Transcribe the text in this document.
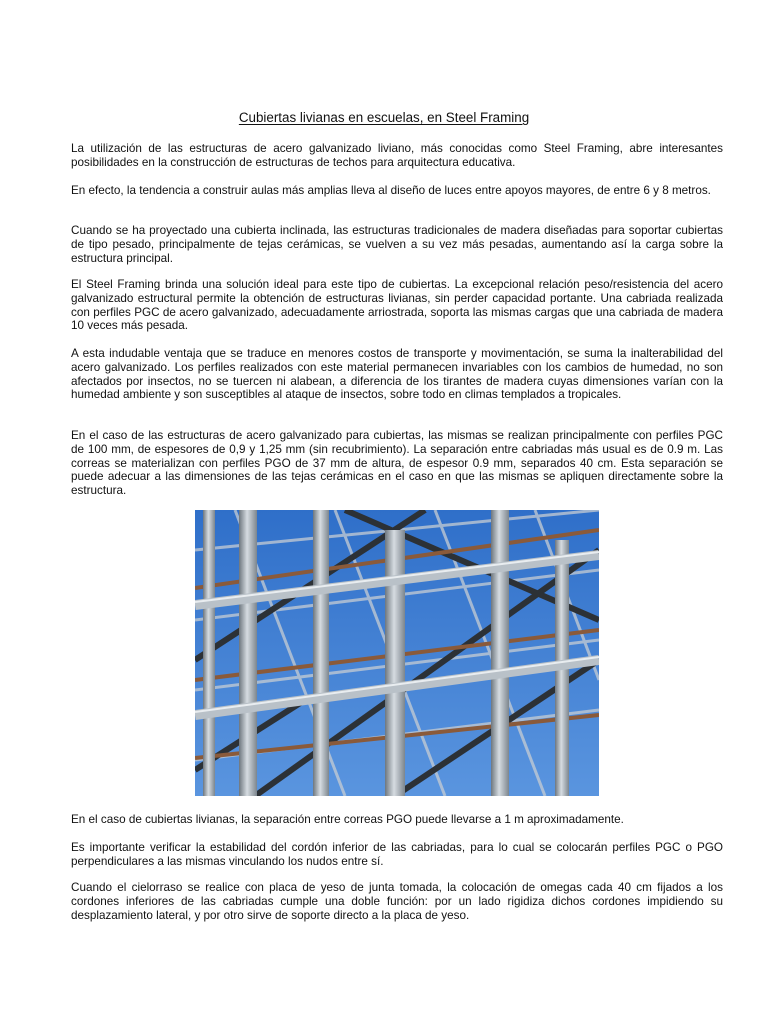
Cubiertas livianas en escuelas, en Steel Framing

La utilización de las estructuras de acero galvanizado liviano, más conocidas como Steel Framing, abre interesantes posibilidades en la construcción de estructuras de techos para arquitectura educativa.

En efecto, la tendencia a construir aulas más amplias lleva al diseño de luces entre apoyos mayores, de entre 6 y 8 metros.

Cuando se ha proyectado una cubierta inclinada, las estructuras tradicionales de madera diseñadas para soportar cubiertas de tipo pesado, principalmente de tejas cerámicas, se vuelven a su vez más pesadas, aumentando así la carga sobre la estructura principal.

El Steel Framing brinda una solución ideal para este tipo de cubiertas. La excepcional relación peso/resistencia del acero galvanizado estructural permite la obtención de estructuras livianas, sin perder capacidad portante. Una cabriada realizada con perfiles PGC de acero galvanizado, adecuadamente arriostrada, soporta las mismas cargas que una cabriada de madera 10 veces más pesada.

A esta indudable ventaja que se traduce en menores costos de transporte y movimentación, se suma la inalterabilidad del acero galvanizado. Los perfiles realizados con este material permanecen invariables con los cambios de humedad, no son afectados por insectos, no se tuercen ni alabean, a diferencia de los tirantes de madera cuyas dimensiones varían con la humedad ambiente y son susceptibles al ataque de insectos, sobre todo en climas templados a tropicales.

En el caso de las estructuras de acero galvanizado para cubiertas, las mismas se realizan principalmente con perfiles PGC de 100 mm, de espesores de 0,9 y 1,25 mm (sin recubrimiento). La separación entre cabriadas más usual es de 0.9 m. Las correas se materializan con perfiles PGO de 37 mm de altura, de espesor 0.9 mm, separados 40 cm. Esta separación se puede adecuar a las dimensiones de las tejas cerámicas en el caso en que las mismas se apliquen directamente sobre la estructura.

En el caso de cubiertas livianas, la separación entre correas PGO puede llevarse a 1 m aproximadamente.

Es importante verificar la estabilidad del cordón inferior de las cabriadas, para lo cual se colocarán perfiles PGC o PGO perpendiculares a las mismas vinculando los nudos entre sí.

Cuando el cielorraso se realice con placa de yeso de junta tomada, la colocación de omegas cada 40 cm fijados a los cordones inferiores de las cabriadas cumple una doble función: por un lado rigidiza dichos cordones impidiendo su desplazamiento lateral, y por otro sirve de soporte directo a la placa de yeso.
